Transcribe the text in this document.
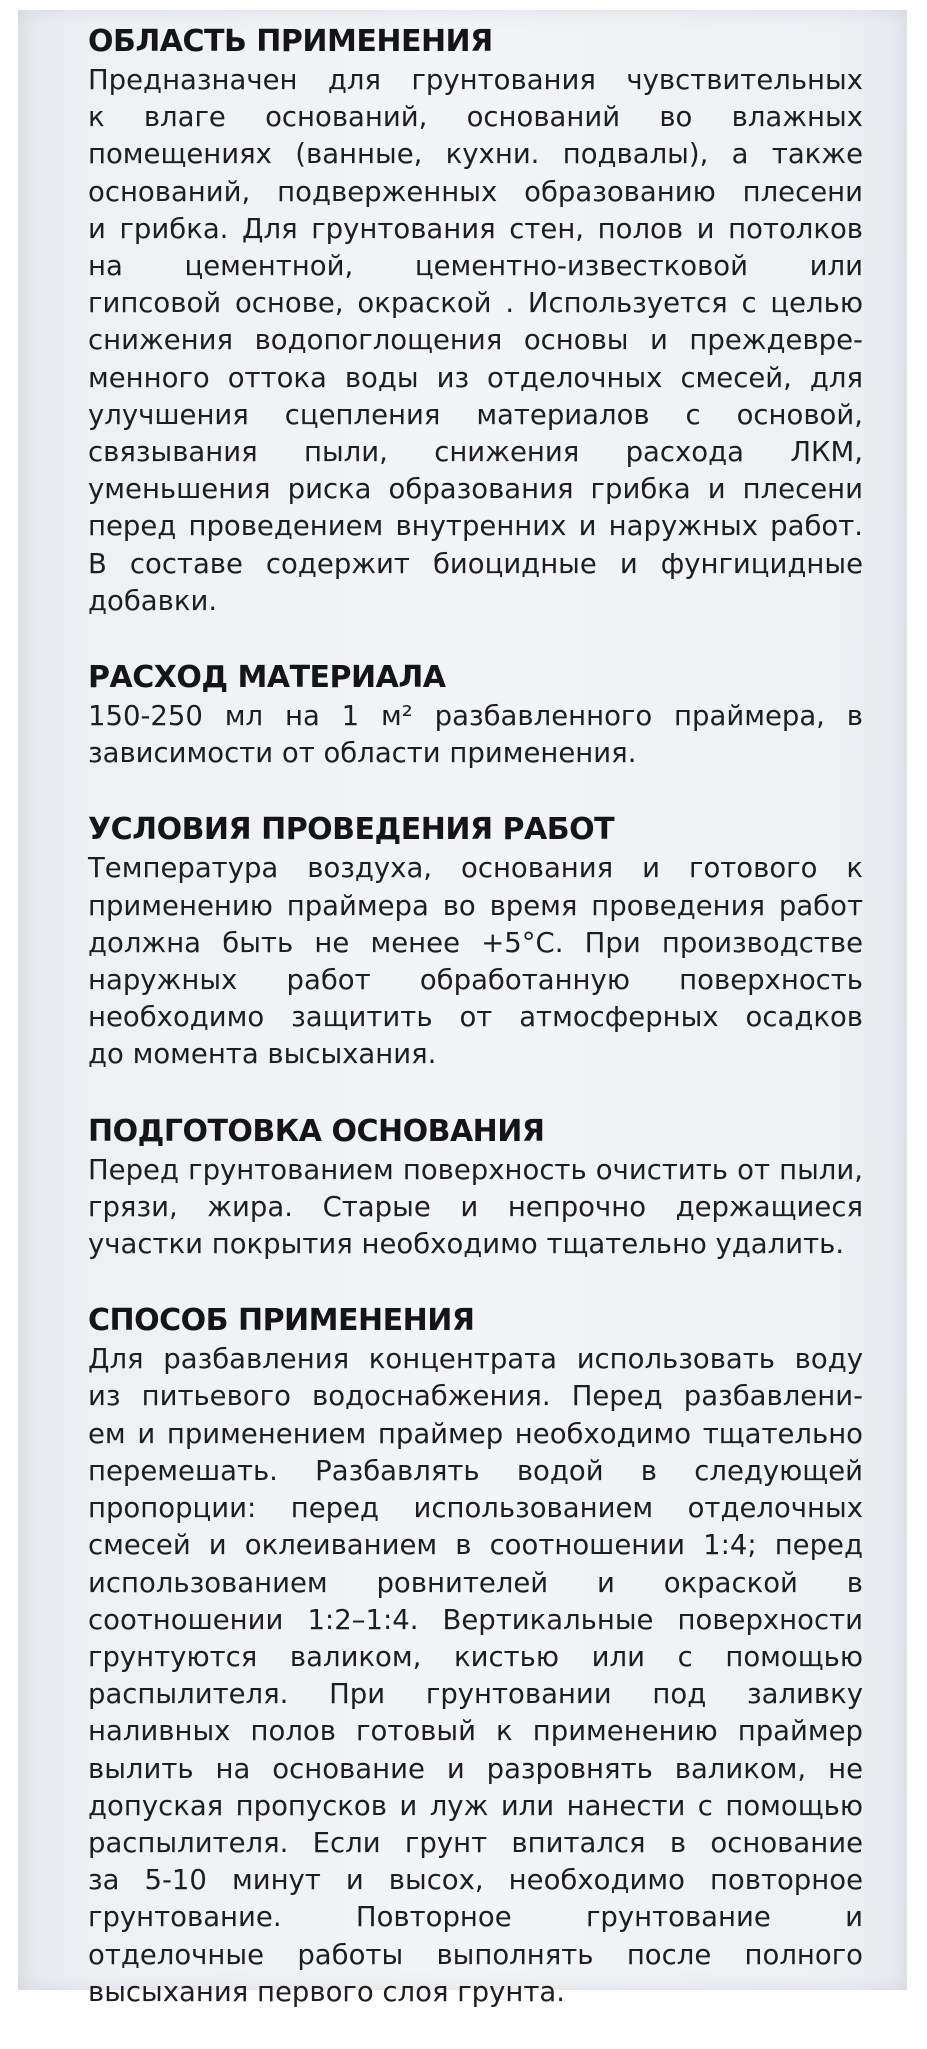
ОБЛАСТЬ ПРИМЕНЕНИЯ
Предназначен для грунтования чувствительных
к влаге оснований, оснований во влажных
помещениях (ванные, кухни. подвалы), а также
оснований, подверженных образованию плесени
и грибка. Для грунтования стен, полов и потолков
на цементной, цементно-известковой или
гипсовой основе, окраской . Используется с целью
снижения водопоглощения основы и преждевре-
менного оттока воды из отделочных смесей, для
улучшения сцепления материалов с основой,
связывания пыли, снижения расхода ЛКМ,
уменьшения риска образования грибка и плесени
перед проведением внутренних и наружных работ.
В составе содержит биоцидные и фунгицидные
добавки.
РАСХОД МАТЕРИАЛА
150-250 мл на 1 м² разбавленного праймера, в
зависимости от области применения.
УСЛОВИЯ ПРОВЕДЕНИЯ РАБОТ
Температура воздуха, основания и готового к
применению праймера во время проведения работ
должна быть не менее +5°С. При производстве
наружных работ обработанную поверхность
необходимо защитить от атмосферных осадков
до момента высыхания.
ПОДГОТОВКА ОСНОВАНИЯ
Перед грунтованием поверхность очистить от пыли,
грязи, жира. Старые и непрочно держащиеся
участки покрытия необходимо тщательно удалить.
СПОСОБ ПРИМЕНЕНИЯ
Для разбавления концентрата использовать воду
из питьевого водоснабжения. Перед разбавлени-
ем и применением праймер необходимо тщательно
перемешать. Разбавлять водой в следующей
пропорции: перед использованием отделочных
смесей и оклеиванием в соотношении 1:4; перед
использованием ровнителей и окраской в
соотношении 1:2–1:4. Вертикальные поверхности
грунтуются валиком, кистью или с помощью
распылителя. При грунтовании под заливку
наливных полов готовый к применению праймер
вылить на основание и разровнять валиком, не
допуская пропусков и луж или нанести с помощью
распылителя. Если грунт впитался в основание
за 5-10 минут и высох, необходимо повторное
грунтование. Повторное грунтование и
отделочные работы выполнять после полного
высыхания первого слоя грунта.
